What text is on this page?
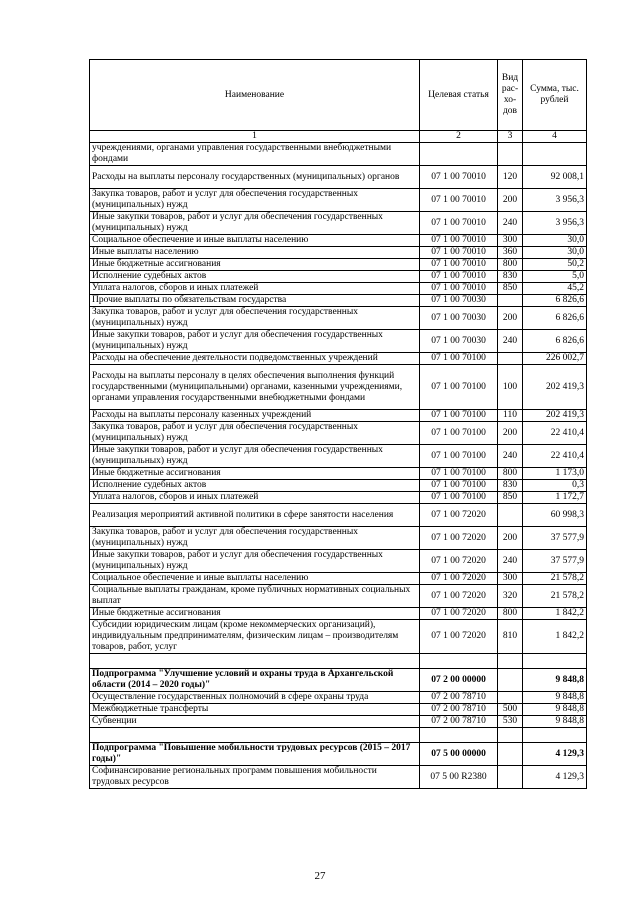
Наименование	Целевая статья	Вид рас- хо- дов	Сумма, тыс. рублей
1	2	3	4
учреждениями, органами управления государственными внебюджетными фондами			
Расходы на выплаты персоналу государственных (муниципальных) органов	07 1 00 70010	120	92 008,1
Закупка товаров, работ и услуг для обеспечения государственных (муниципальных) нужд	07 1 00 70010	200	3 956,3
Иные закупки товаров, работ и услуг для обеспечения государственных (муниципальных) нужд	07 1 00 70010	240	3 956,3
Социальное обеспечение и иные выплаты населению	07 1 00 70010	300	30,0
Иные выплаты населению	07 1 00 70010	360	30,0
Иные бюджетные ассигнования	07 1 00 70010	800	50,2
Исполнение судебных актов	07 1 00 70010	830	5,0
Уплата налогов, сборов и иных платежей	07 1 00 70010	850	45,2
Прочие выплаты по обязательствам государства	07 1 00 70030		6 826,6
Закупка товаров, работ и услуг для обеспечения государственных (муниципальных) нужд	07 1 00 70030	200	6 826,6
Иные закупки товаров, работ и услуг для обеспечения государственных (муниципальных) нужд	07 1 00 70030	240	6 826,6
Расходы на обеспечение деятельности подведомственных учреждений	07 1 00 70100		226 002,7
Расходы на выплаты персоналу в целях обеспечения выполнения функций государственными (муниципальными) органами, казенными учреждениями, органами управления государственными внебюджетными фондами	07 1 00 70100	100	202 419,3
Расходы на выплаты персоналу казенных учреждений	07 1 00 70100	110	202 419,3
Закупка товаров, работ и услуг для обеспечения государственных (муниципальных) нужд	07 1 00 70100	200	22 410,4
Иные закупки товаров, работ и услуг для обеспечения государственных (муниципальных) нужд	07 1 00 70100	240	22 410,4
Иные бюджетные ассигнования	07 1 00 70100	800	1 173,0
Исполнение судебных актов	07 1 00 70100	830	0,3
Уплата налогов, сборов и иных платежей	07 1 00 70100	850	1 172,7
Реализация мероприятий активной политики в сфере занятости населения	07 1 00 72020		60 998,3
Закупка товаров, работ и услуг для обеспечения государственных (муниципальных) нужд	07 1 00 72020	200	37 577,9
Иные закупки товаров, работ и услуг для обеспечения государственных (муниципальных) нужд	07 1 00 72020	240	37 577,9
Социальное обеспечение и иные выплаты населению	07 1 00 72020	300	21 578,2
Социальные выплаты гражданам, кроме публичных нормативных социальных выплат	07 1 00 72020	320	21 578,2
Иные бюджетные ассигнования	07 1 00 72020	800	1 842,2
Субсидии юридическим лицам (кроме некоммерческих организаций), индивидуальным предпринимателям, физическим лицам – производителям товаров, работ, услуг	07 1 00 72020	810	1 842,2

Подпрограмма "Улучшение условий и охраны труда в Архангельской области (2014 – 2020 годы)"	07 2 00 00000		9 848,8
Осуществление государственных полномочий в сфере охраны труда	07 2 00 78710		9 848,8
Межбюджетные трансферты	07 2 00 78710	500	9 848,8
Субвенции	07 2 00 78710	530	9 848,8

Подпрограмма "Повышение мобильности трудовых ресурсов (2015 – 2017 годы)"	07 5 00 00000		4 129,3
Софинансирование региональных программ повышения мобильности трудовых ресурсов	07 5 00 R2380		4 129,3
27
